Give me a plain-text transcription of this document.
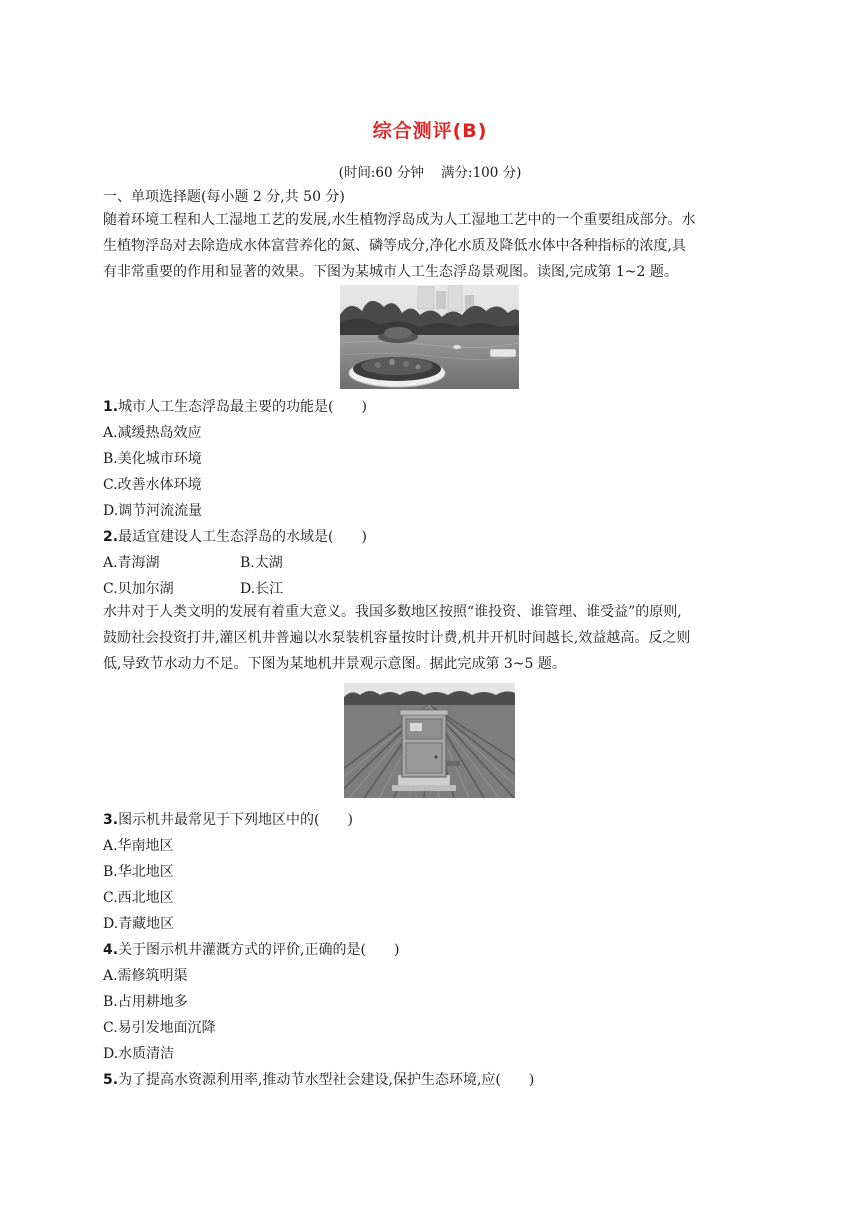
综合测评(B)
(时间:60 分钟    满分:100 分)
一、单项选择题(每小题 2 分,共 50 分)
随着环境工程和人工湿地工艺的发展,水生植物浮岛成为人工湿地工艺中的一个重要组成部分。水
生植物浮岛对去除造成水体富营养化的氮、磷等成分,净化水质及降低水体中各种指标的浓度,具
有非常重要的作用和显著的效果。下图为某城市人工生态浮岛景观图。读图,完成第 1~2 题。
1.城市人工生态浮岛最主要的功能是(　　)
A.减缓热岛效应
B.美化城市环境
C.改善水体环境
D.调节河流流量
2.最适宜建设人工生态浮岛的水域是(　　)
A.青海湖	B.太湖
C.贝加尔湖	D.长江
水井对于人类文明的发展有着重大意义。我国多数地区按照“谁投资、谁管理、谁受益”的原则,
鼓励社会投资打井,灌区机井普遍以水泵装机容量按时计费,机井开机时间越长,效益越高。反之则
低,导致节水动力不足。下图为某地机井景观示意图。据此完成第 3~5 题。
3.图示机井最常见于下列地区中的(　　)
A.华南地区
B.华北地区
C.西北地区
D.青藏地区
4.关于图示机井灌溉方式的评价,正确的是(　　)
A.需修筑明渠
B.占用耕地多
C.易引发地面沉降
D.水质清洁
5.为了提高水资源利用率,推动节水型社会建设,保护生态环境,应(　　)
